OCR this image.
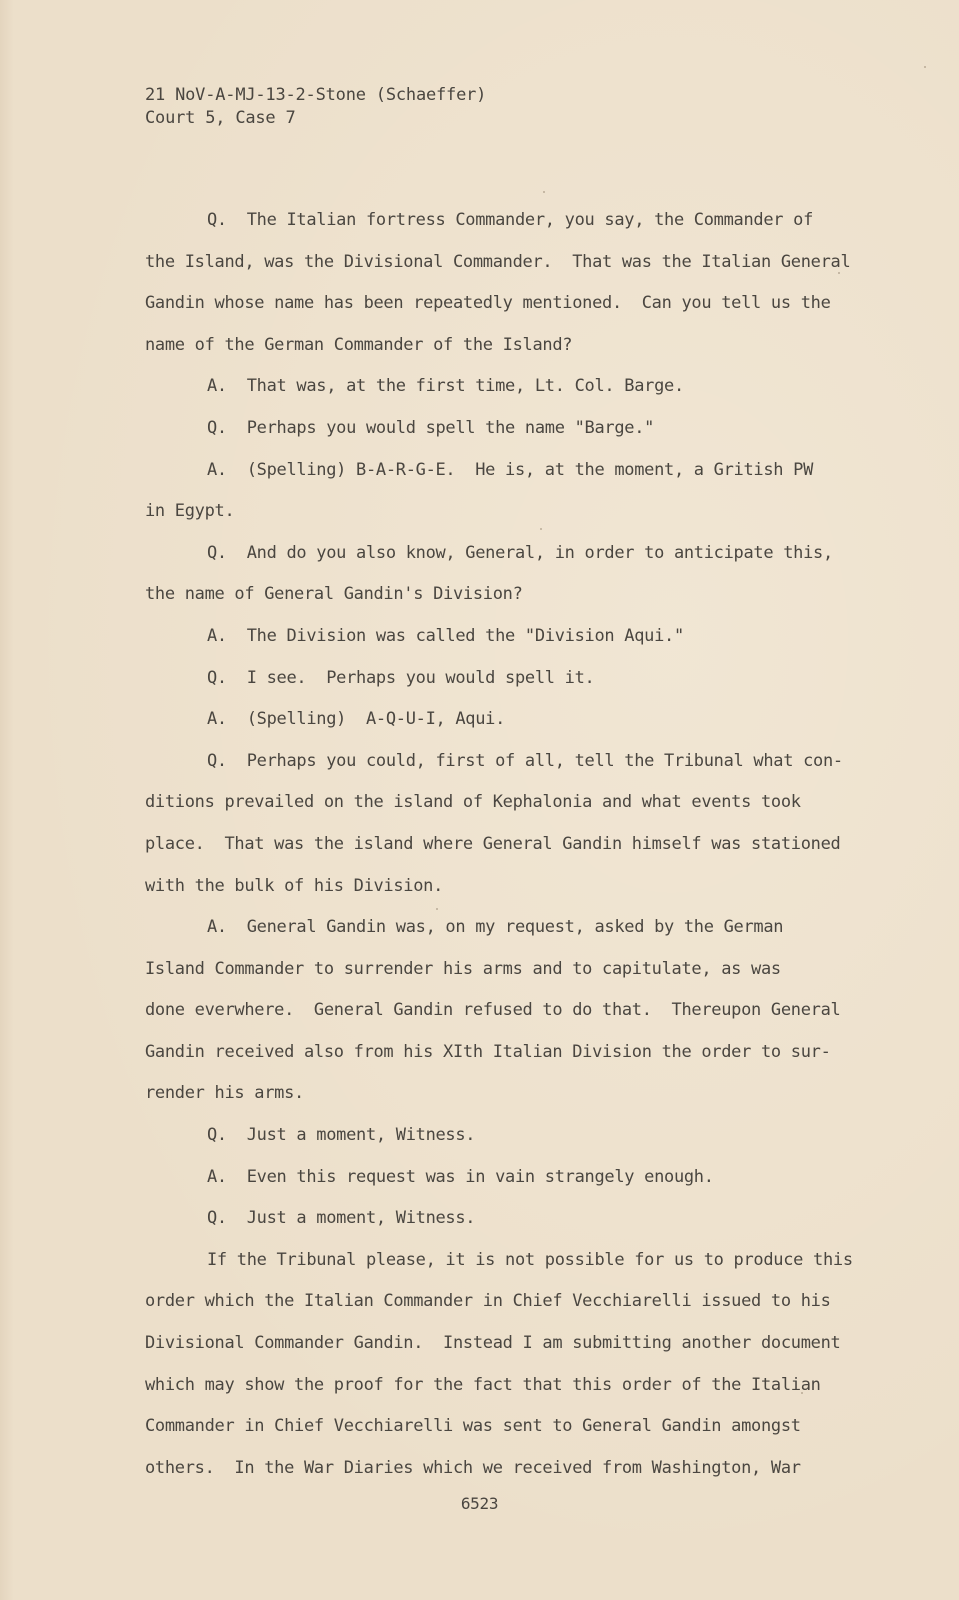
21 NoV-A-MJ-13-2-Stone (Schaeffer)
Court 5, Case 7
Q.  The Italian fortress Commander, you say, the Commander of
the Island, was the Divisional Commander.  That was the Italian General
Gandin whose name has been repeatedly mentioned.  Can you tell us the
name of the German Commander of the Island?
A.  That was, at the first time, Lt. Col. Barge.
Q.  Perhaps you would spell the name "Barge."
A.  (Spelling) B-A-R-G-E.  He is, at the moment, a Gritish PW
in Egypt.
Q.  And do you also know, General, in order to anticipate this,
the name of General Gandin's Division?
A.  The Division was called the "Division Aqui."
Q.  I see.  Perhaps you would spell it.
A.  (Spelling)  A-Q-U-I, Aqui.
Q.  Perhaps you could, first of all, tell the Tribunal what con-
ditions prevailed on the island of Kephalonia and what events took
place.  That was the island where General Gandin himself was stationed
with the bulk of his Division.
A.  General Gandin was, on my request, asked by the German
Island Commander to surrender his arms and to capitulate, as was
done everwhere.  General Gandin refused to do that.  Thereupon General
Gandin received also from his XIth Italian Division the order to sur-
render his arms.
Q.  Just a moment, Witness.
A.  Even this request was in vain strangely enough.
Q.  Just a moment, Witness.
If the Tribunal please, it is not possible for us to produce this
order which the Italian Commander in Chief Vecchiarelli issued to his
Divisional Commander Gandin.  Instead I am submitting another document
which may show the proof for the fact that this order of the Italian
Commander in Chief Vecchiarelli was sent to General Gandin amongst
others.  In the War Diaries which we received from Washington, War
6523
